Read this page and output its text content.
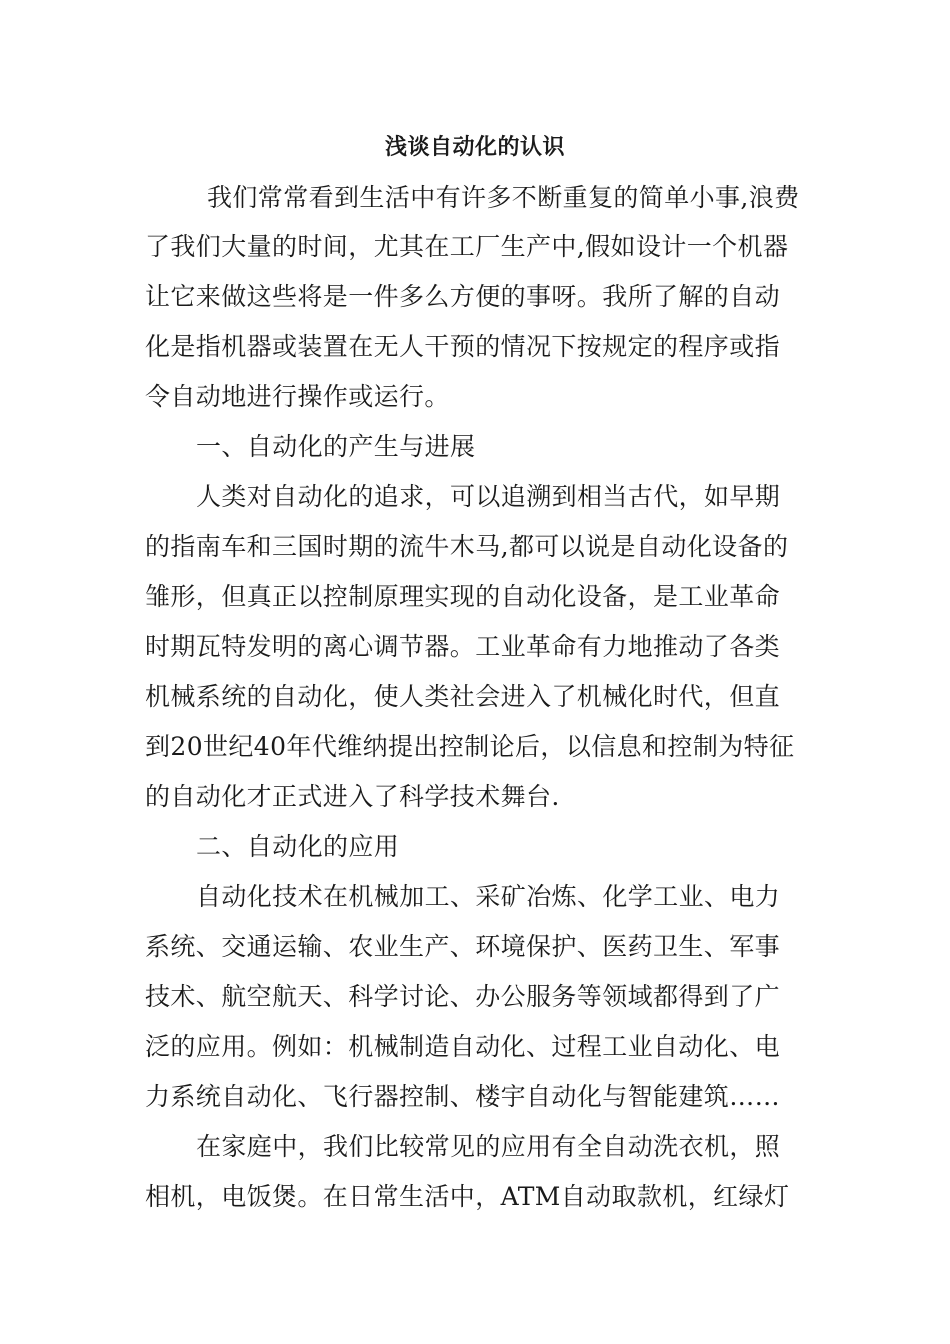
浅谈自动化的认识

我们常常看到生活中有许多不断重复的简单小事,浪费

了我们大量的时间，尤其在工厂生产中,假如设计一个机器

让它来做这些将是一件多么方便的事呀。我所了解的自动

化是指机器或装置在无人干预的情况下按规定的程序或指

令自动地进行操作或运行。

一、自动化的产生与进展

人类对自动化的追求，可以追溯到相当古代，如早期

的指南车和三国时期的流牛木马,都可以说是自动化设备的

雏形，但真正以控制原理实现的自动化设备，是工业革命

时期瓦特发明的离心调节器。工业革命有力地推动了各类

机械系统的自动化，使人类社会进入了机械化时代，但直

到20世纪40年代维纳提出控制论后，以信息和控制为特征

的自动化才正式进入了科学技术舞台.

二、自动化的应用

自动化技术在机械加工、采矿冶炼、化学工业、电力

系统、交通运输、农业生产、环境保护、医药卫生、军事

技术、航空航天、科学讨论、办公服务等领域都得到了广

泛的应用。例如：机械制造自动化、过程工业自动化、电

力系统自动化、飞行器控制、楼宇自动化与智能建筑……

在家庭中，我们比较常见的应用有全自动洗衣机，照

相机，电饭煲。在日常生活中，ATM自动取款机，红绿灯
